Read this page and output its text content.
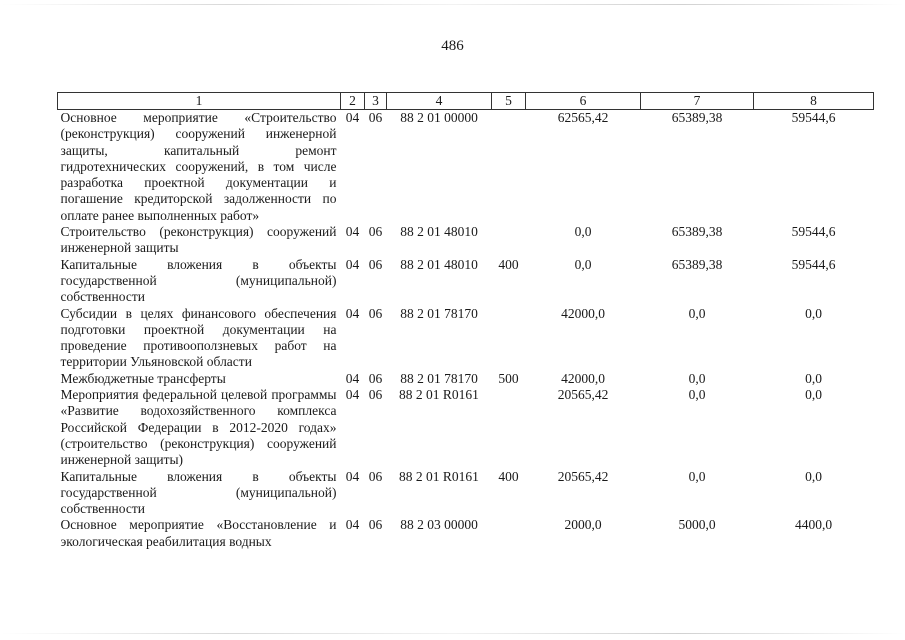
486
1	2	3	4	5	6	7	8
Основное мероприятие «Строительство (реконструкция) сооружений инженерной защиты, капитальный ремонт гидротехнических сооружений, в том числе разработка проектной документации и погашение кредиторской задолженности по оплате ранее выполненных работ»	04	06	88 2 01 00000		62565,42	65389,38	59544,6
Строительство (реконструкция) сооружений инженерной защиты	04	06	88 2 01 48010		0,0	65389,38	59544,6
Капитальные вложения в объекты государственной (муниципальной) собственности	04	06	88 2 01 48010	400	0,0	65389,38	59544,6
Субсидии в целях финансового обеспечения подготовки проектной документации на проведение противооползневых работ на территории Ульяновской области	04	06	88 2 01 78170		42000,0	0,0	0,0
Межбюджетные трансферты	04	06	88 2 01 78170	500	42000,0	0,0	0,0
Мероприятия федеральной целевой программы «Развитие водохозяйственного комплекса Российской Федерации в 2012-2020 годах» (строительство (реконструкция) сооружений инженерной защиты)	04	06	88 2 01 R0161		20565,42	0,0	0,0
Капитальные вложения в объекты государственной (муниципальной) собственности	04	06	88 2 01 R0161	400	20565,42	0,0	0,0
Основное мероприятие «Восстановление и экологическая реабилитация водных	04	06	88 2 03 00000		2000,0	5000,0	4400,0
